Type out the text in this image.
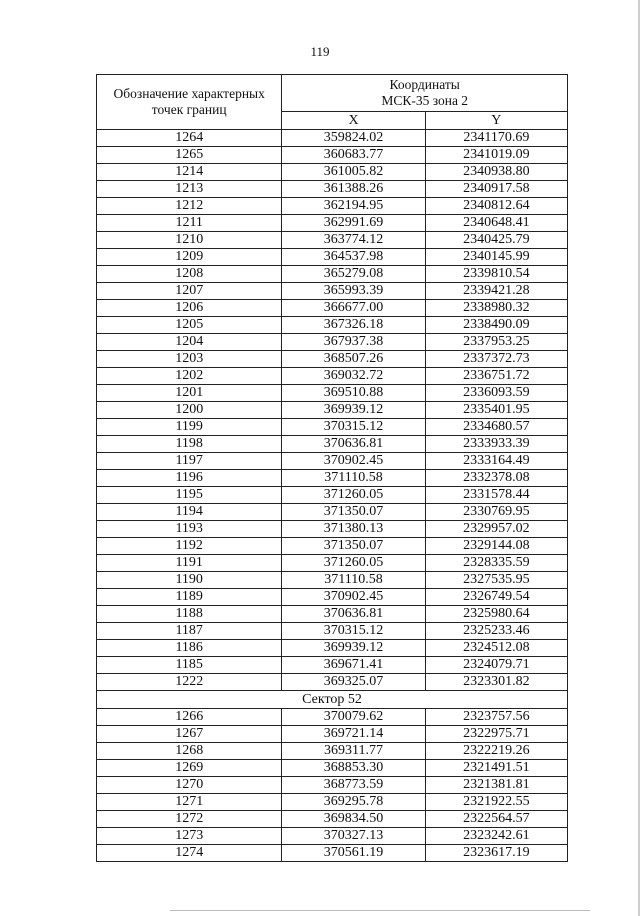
119
Обозначение характерных точек границ	Координаты
МСК-35 зона 2	
	X	Y
1264	359824.02	2341170.69
1265	360683.77	2341019.09
1214	361005.82	2340938.80
1213	361388.26	2340917.58
1212	362194.95	2340812.64
1211	362991.69	2340648.41
1210	363774.12	2340425.79
1209	364537.98	2340145.99
1208	365279.08	2339810.54
1207	365993.39	2339421.28
1206	366677.00	2338980.32
1205	367326.18	2338490.09
1204	367937.38	2337953.25
1203	368507.26	2337372.73
1202	369032.72	2336751.72
1201	369510.88	2336093.59
1200	369939.12	2335401.95
1199	370315.12	2334680.57
1198	370636.81	2333933.39
1197	370902.45	2333164.49
1196	371110.58	2332378.08
1195	371260.05	2331578.44
1194	371350.07	2330769.95
1193	371380.13	2329957.02
1192	371350.07	2329144.08
1191	371260.05	2328335.59
1190	371110.58	2327535.95
1189	370902.45	2326749.54
1188	370636.81	2325980.64
1187	370315.12	2325233.46
1186	369939.12	2324512.08
1185	369671.41	2324079.71
1222	369325.07	2323301.82
Сектор 52		
1266	370079.62	2323757.56
1267	369721.14	2322975.71
1268	369311.77	2322219.26
1269	368853.30	2321491.51
1270	368773.59	2321381.81
1271	369295.78	2321922.55
1272	369834.50	2322564.57
1273	370327.13	2323242.61
1274	370561.19	2323617.19
